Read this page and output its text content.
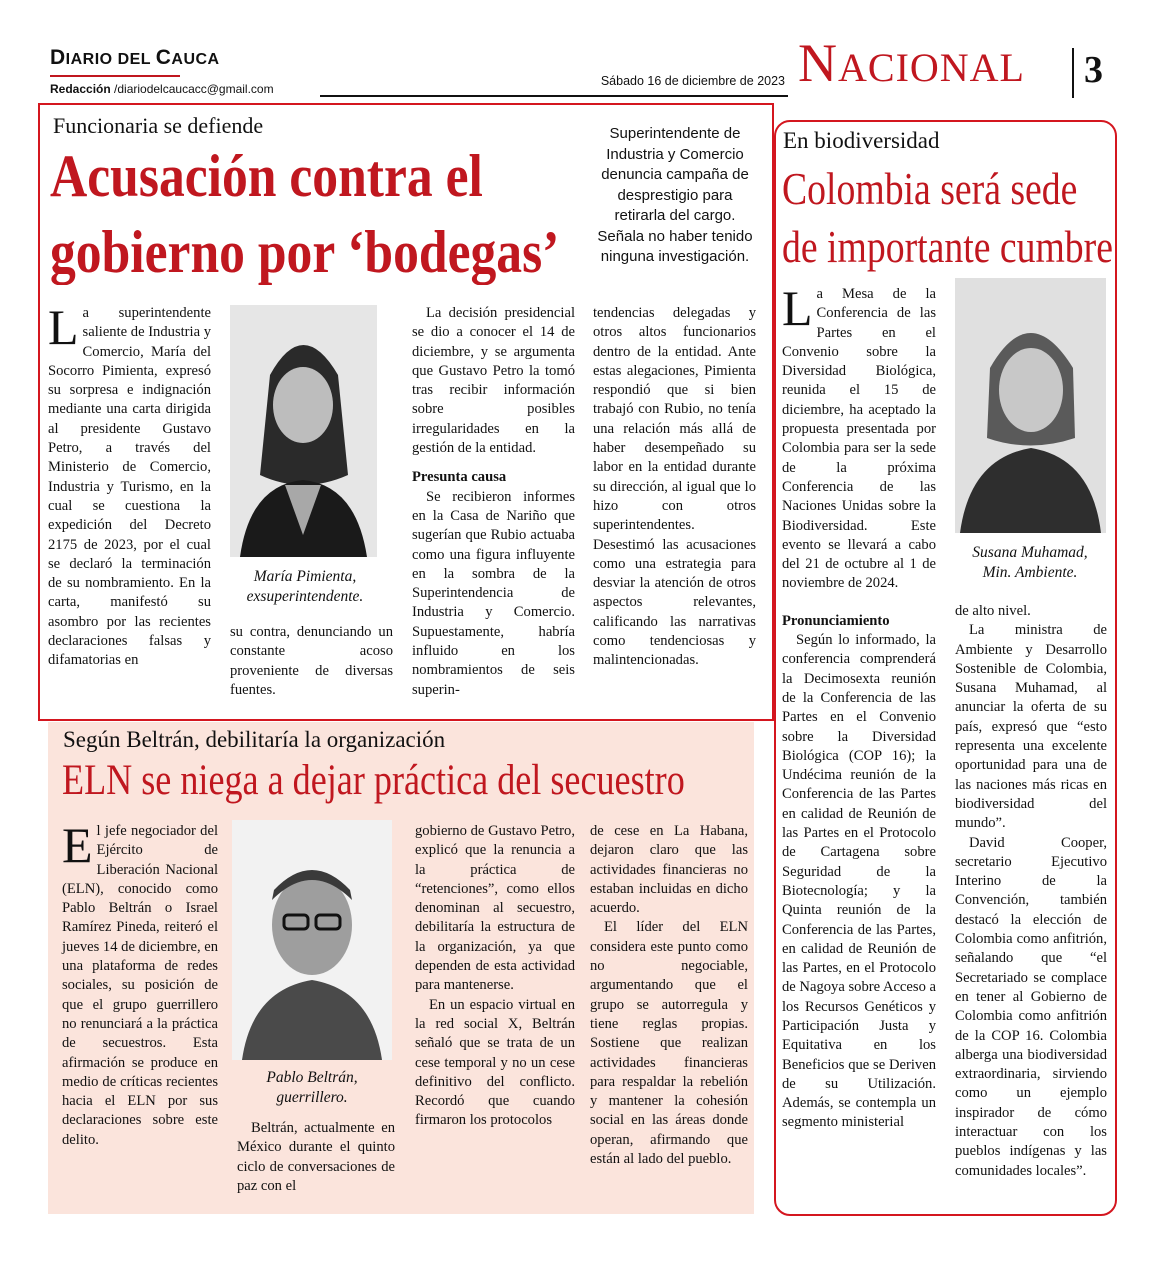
DIARIO DEL CAUCA
Redacción /diariodelcaucacc@gmail.com
Sábado 16 de diciembre de 2023 NACIONAL 3
Funcionaria se defiende
Acusación contra el
gobierno por ‘bodegas’
Superintendente de Industria y Comercio denuncia campaña de desprestigio para retirarla del cargo. Señala no haber tenido ninguna investigación.

La superintendente saliente de Industria y Comercio, María del Socorro Pimienta, expresó su sorpresa e indignación mediante una carta dirigida al presidente Gustavo Petro, a través del Ministerio de Comercio, Industria y Turismo, en la cual se cuestiona la expedición del Decreto 2175 de 2023, por el cual se declaró la terminación de su nombramiento. En la carta, manifestó su asombro por las recientes declaraciones falsas y difamatorias en

María Pimienta,
exsuperintendente.

su contra, denunciando un constante acoso proveniente de diversas fuentes.

La decisión presidencial se dio a conocer el 14 de diciembre, y se argumenta que Gustavo Petro la tomó tras recibir información sobre posibles irregularidades en la gestión de la entidad.

Presunta causa

Se recibieron informes en la Casa de Nariño que sugerían que Rubio actuaba como una figura influyente en la sombra de la Superintendencia de Industria y Comercio. Supuestamente, habría influido en los nombramientos de seis superin-

tendencias delegadas y otros altos funcionarios dentro de la entidad. Ante estas alegaciones, Pimienta respondió que si bien trabajó con Rubio, no tenía una relación más allá de haber desempeñado su labor en la entidad durante su dirección, al igual que lo hizo con otros superintendentes. Desestimó las acusaciones como una estrategia para desviar la atención de otros aspectos relevantes, calificando las narrativas como tendenciosas y malintencionadas.

Según Beltrán, debilitaría la organización
ELN se niega a dejar práctica del secuestro

El jefe negociador del Ejército de Liberación Nacional (ELN), conocido como Pablo Beltrán o Israel Ramírez Pineda, reiteró el jueves 14 de diciembre, en una plataforma de redes sociales, su posición de que el grupo guerrillero no renunciará a la práctica de secuestros. Esta afirmación se produce en medio de críticas recientes hacia el ELN por sus declaraciones sobre este delito.

Pablo Beltrán,
guerrillero.

Beltrán, actualmente en México durante el quinto ciclo de conversaciones de paz con el

gobierno de Gustavo Petro, explicó que la renuncia a la práctica de “retenciones”, como ellos denominan al secuestro, debilitaría la estructura de la organización, ya que dependen de esta actividad para mantenerse.

En un espacio virtual en la red social X, Beltrán señaló que se trata de un cese temporal y no un cese definitivo del conflicto. Recordó que cuando firmaron los protocolos

de cese en La Habana, dejaron claro que las actividades financieras no estaban incluidas en dicho acuerdo.

El líder del ELN considera este punto como no negociable, argumentando que el grupo se autorregula y tiene reglas propias. Sostiene que realizan actividades financieras para respaldar la rebelión y mantener la cohesión social en las áreas donde operan, afirmando que están al lado del pueblo.

En biodiversidad
Colombia será sede
de importante cumbre

La Mesa de la Conferencia de las Partes en el Convenio sobre la Diversidad Biológica, reunida el 15 de diciembre, ha aceptado la propuesta presentada por Colombia para ser la sede de la próxima Conferencia de las Naciones Unidas sobre la Biodiversidad. Este evento se llevará a cabo del 21 de octubre al 1 de noviembre de 2024.

Pronunciamiento

Según lo informado, la conferencia comprenderá la Decimosexta reunión de la Conferencia de las Partes en el Convenio sobre la Diversidad Biológica (COP 16); la Undécima reunión de la Conferencia de las Partes en calidad de Reunión de las Partes en el Protocolo de Cartagena sobre Seguridad de la Biotecnología; y la Quinta reunión de la Conferencia de las Partes, en calidad de Reunión de las Partes, en el Protocolo de Nagoya sobre Acceso a los Recursos Genéticos y Participación Justa y Equitativa en los Beneficios que se Deriven de su Utilización. Además, se contempla un segmento ministerial

Susana Muhamad,
Min. Ambiente.

de alto nivel.

La ministra de Ambiente y Desarrollo Sostenible de Colombia, Susana Muhamad, al anunciar la oferta de su país, expresó que “esto representa una excelente oportunidad para una de las naciones más ricas en biodiversidad del mundo”.

David Cooper, secretario Ejecutivo Interino de la Convención, también destacó la elección de Colombia como anfitrión, señalando que “el Secretariado se complace en tener al Gobierno de Colombia como anfitrión de la COP 16. Colombia alberga una biodiversidad extraordinaria, sirviendo como un ejemplo inspirador de cómo interactuar con los pueblos indígenas y las comunidades locales”.
